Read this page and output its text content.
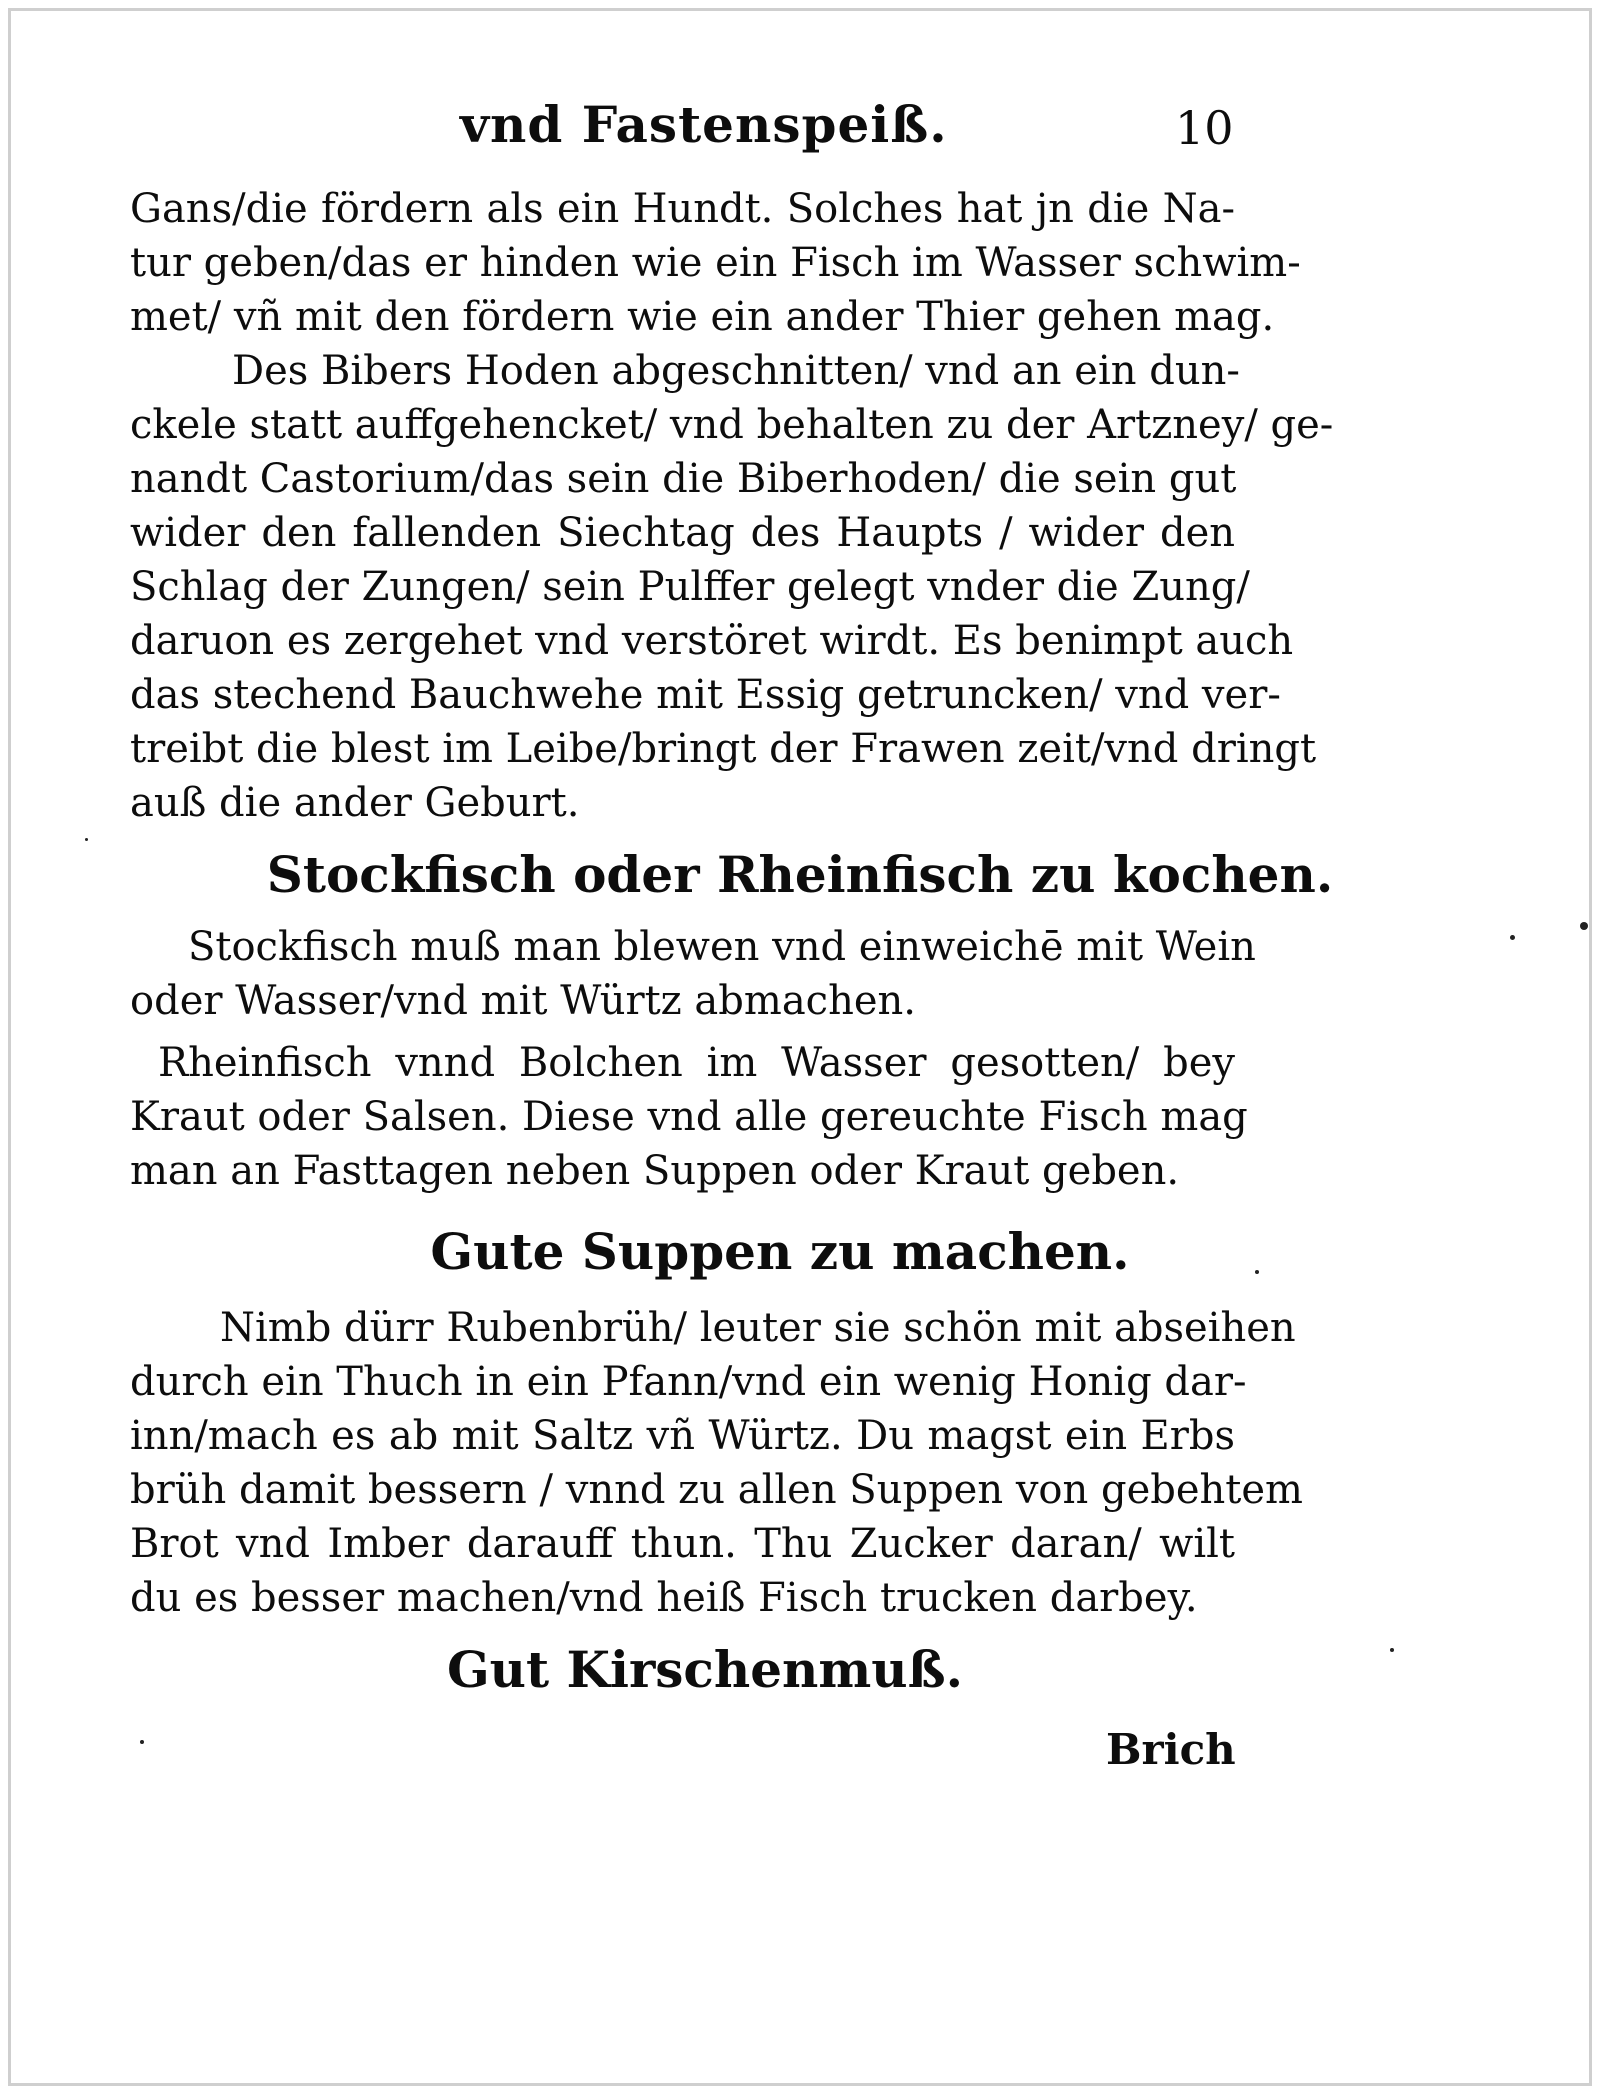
vnd Fastenspeiß.	10
Gans/die fördern als ein Hundt. Solches hat jn die Na-
tur geben/das er hinden wie ein Fisch im Wasser schwim-
met/ vñ mit den fördern wie ein ander Thier gehen mag.
Des Bibers Hoden abgeschnitten/ vnd an ein dun-
ckele statt auffgehencket/ vnd behalten zu der Artzney/ ge-
nandt Castorium/das sein die Biberhoden/ die sein gut
wider den fallenden Siechtag des Haupts / wider den
Schlag der Zungen/ sein Pulffer gelegt vnder die Zung/
daruon es zergehet vnd verstöret wirdt. Es benimpt auch
das stechend Bauchwehe mit Essig getruncken/ vnd ver-
treibt die blest im Leibe/bringt der Frawen zeit/vnd dringt
auß die ander Geburt.
Stockfisch oder Rheinfisch zu kochen.
Stockfisch muß man blewen vnd einweichē mit Wein
oder Wasser/vnd mit Würtz abmachen.
Rheinfisch vnnd Bolchen im Wasser gesotten/ bey
Kraut oder Salsen. Diese vnd alle gereuchte Fisch mag
man an Fasttagen neben Suppen oder Kraut geben.
Gute Suppen zu machen.
Nimb dürr Rubenbrüh/ leuter sie schön mit abseihen
durch ein Thuch in ein Pfann/vnd ein wenig Honig dar-
inn/mach es ab mit Saltz vñ Würtz. Du magst ein Erbs
brüh damit bessern / vnnd zu allen Suppen von gebehtem
Brot vnd Imber darauff thun. Thu Zucker daran/ wilt
du es besser machen/vnd heiß Fisch trucken darbey.
Gut Kirschenmuß.
Brich
